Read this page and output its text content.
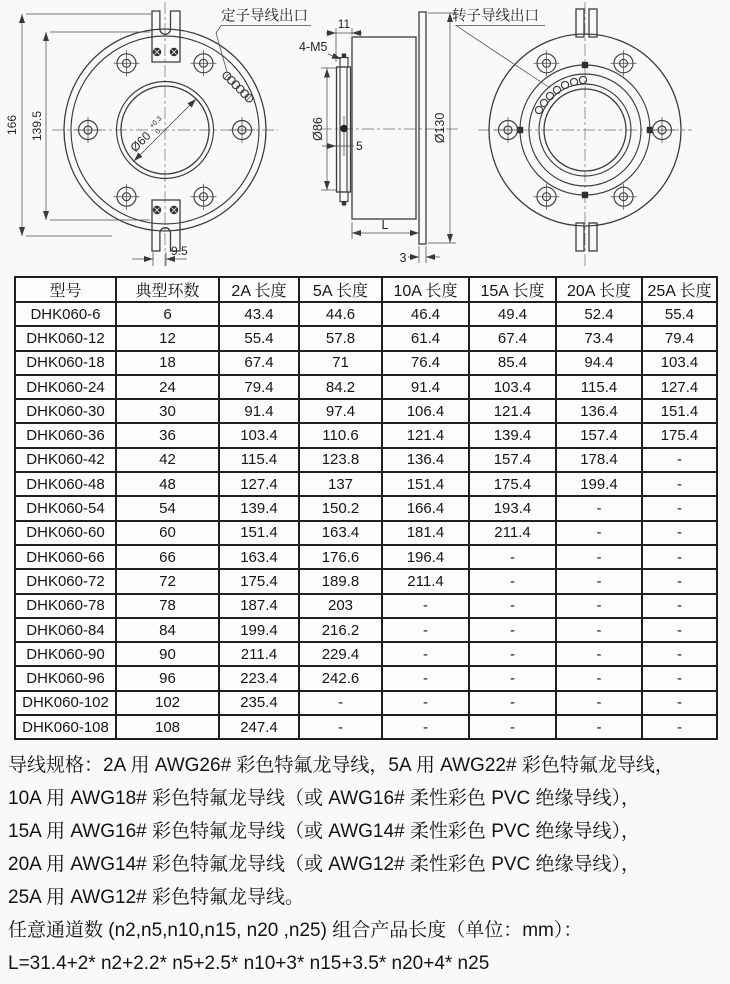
166 139.5
9.5
Ø60
+0.3
0
定子导线出口 11
4-M5
Ø86
5
Ø130
L
3
转子导线出口
型号	典型环数	2A 长度	5A 长度	10A 长度	15A 长度	20A 长度	25A 长度
DHK060-6	6	43.4	44.6	46.4	49.4	52.4	55.4
DHK060-12	12	55.4	57.8	61.4	67.4	73.4	79.4
DHK060-18	18	67.4	71	76.4	85.4	94.4	103.4
DHK060-24	24	79.4	84.2	91.4	103.4	115.4	127.4
DHK060-30	30	91.4	97.4	106.4	121.4	136.4	151.4
DHK060-36	36	103.4	110.6	121.4	139.4	157.4	175.4
DHK060-42	42	115.4	123.8	136.4	157.4	178.4	-
DHK060-48	48	127.4	137	151.4	175.4	199.4	-
DHK060-54	54	139.4	150.2	166.4	193.4	-	-
DHK060-60	60	151.4	163.4	181.4	211.4	-	-
DHK060-66	66	163.4	176.6	196.4	-	-	-
DHK060-72	72	175.4	189.8	211.4	-	-	-
DHK060-78	78	187.4	203	-	-	-	-
DHK060-84	84	199.4	216.2	-	-	-	-
DHK060-90	90	211.4	229.4	-	-	-	-
DHK060-96	96	223.4	242.6	-	-	-	-
DHK060-102	102	235.4	-	-	-	-	-
DHK060-108	108	247.4	-	-	-	-	-

导线规格：2A 用 AWG26# 彩色特氟龙导线，5A 用 AWG22# 彩色特氟龙导线，

10A 用 AWG18# 彩色特氟龙导线（或 AWG16# 柔性彩色 PVC 绝缘导线），

15A 用 AWG16# 彩色特氟龙导线（或 AWG14# 柔性彩色 PVC 绝缘导线），

20A 用 AWG14# 彩色特氟龙导线（或 AWG12# 柔性彩色 PVC 绝缘导线），

25A 用 AWG12# 彩色特氟龙导线。

任意通道数 (n2,n5,n10,n15, n20 ,n25) 组合产品长度（单位：mm）：

L=31.4+2* n2+2.2* n5+2.5* n10+3* n15+3.5* n20+4* n25
